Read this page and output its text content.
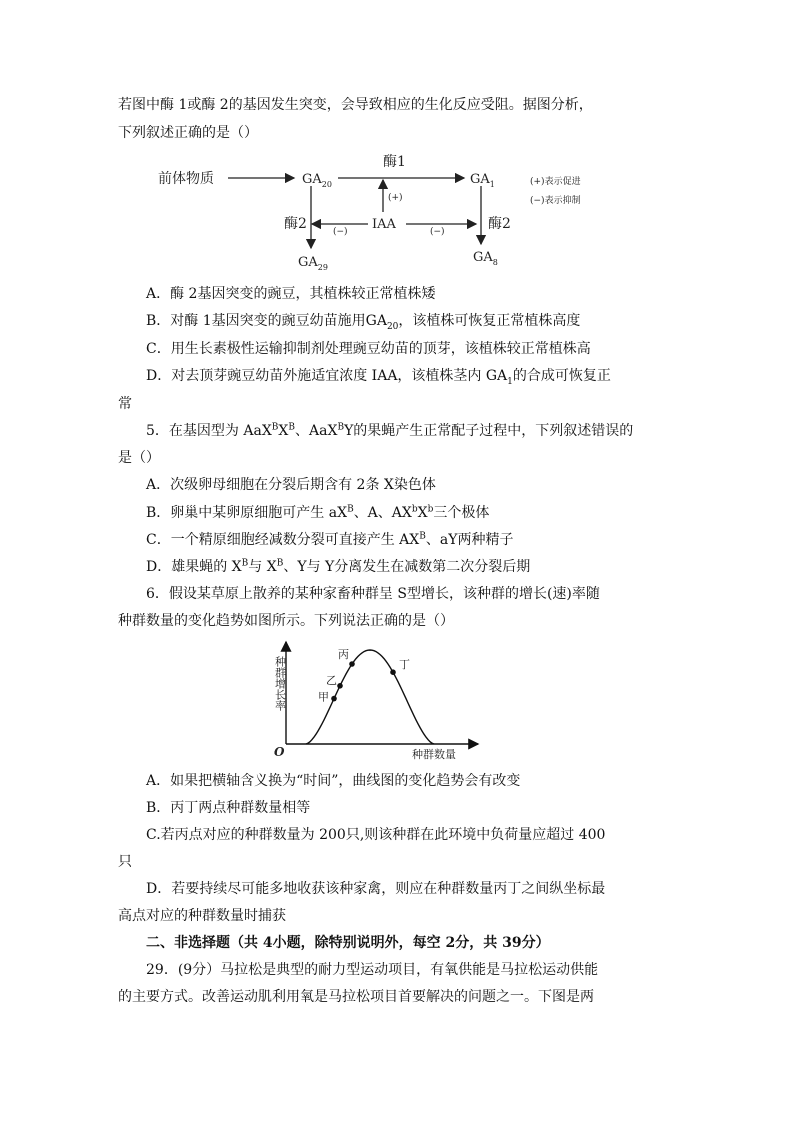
若图中酶 1或酶 2的基因发生突变，会导致相应的生化反应受阻。据图分析，
下列叙述正确的是（）
前体物质	$GA_{20}$	$GA_1$
酶1
酶2	酶2
IAA
(+)
(−)	(−)
$GA_{29}$
$GA_8$
(+)表示促进
(−)表示抑制
A．酶 2基因突变的豌豆，其植株较正常植株矮
B．对酶 1基因突变的豌豆幼苗施用$GA_{20}$，该植株可恢复正常植株高度
C．用生长素极性运输抑制剂处理豌豆幼苗的顶芽，该植株较正常植株高
D．对去顶芽豌豆幼苗外施适宜浓度 IAA，该植株茎内 $GA_1$的合成可恢复正
常
5．在基因型为 $AaX^BX^B$、AaX$^B$Y的果蝇产生正常配子过程中，下列叙述错误的
是（）
A．次级卵母细胞在分裂后期含有 2条 X染色体
B．卵巢中某卵原细胞可产生 $aX^B$、A、$AX^bX^b$三个极体
C．一个精原细胞经减数分裂可直接产生 $AX^B$、aY两种精子
D．雄果蝇的 $X^B$与 $X^B$、Y与 Y分离发生在减数第二次分裂后期
6．假设某草原上散养的某种家畜种群呈 S型增长，该种群的增长(速)率随
种群数量的变化趋势如图所示。下列说法正确的是（）
O	种群数量
种群增长率	甲
乙
丙
丁
A．如果把横轴含义换为“时间”，曲线图的变化趋势会有改变
B．丙丁两点种群数量相等
C.若丙点对应的种群数量为 200只,则该种群在此环境中负荷量应超过 400
只
D．若要持续尽可能多地收获该种家禽，则应在种群数量丙丁之间纵坐标最
高点对应的种群数量时捕获
二、非选择题（共 4小题，除特别说明外，每空 2分，共 39分）
29．(9分）马拉松是典型的耐力型运动项目，有氧供能是马拉松运动供能
的主要方式。改善运动肌利用氧是马拉松项目首要解决的问题之一。下图是两
